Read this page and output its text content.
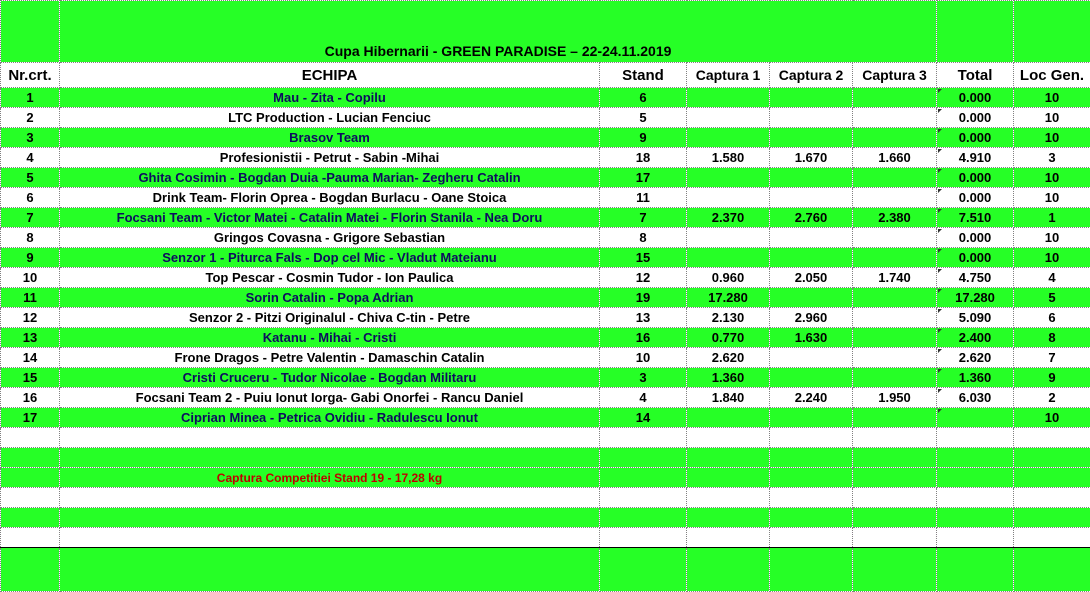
	Cupa Hibernarii - GREEN PARADISE – 22-24.11.2019						
Nr.crt.	ECHIPA	Stand	Captura 1	Captura 2	Captura 3	Total	Loc Gen.
1	Mau - Zita - Copilu	6				0.000	10
2	LTC Production - Lucian Fenciuc	5				0.000	10
3	Brasov Team	9				0.000	10
4	Profesionistii - Petrut - Sabin -Mihai	18	1.580	1.670	1.660	4.910	3
5	Ghita Cosimin - Bogdan Duia -Pauma Marian- Zegheru Catalin	17				0.000	10
6	Drink Team- Florin Oprea - Bogdan Burlacu - Oane Stoica	11				0.000	10
7	Focsani Team - Victor Matei - Catalin Matei - Florin Stanila - Nea Doru	7	2.370	2.760	2.380	7.510	1
8	Gringos Covasna - Grigore Sebastian	8				0.000	10
9	Senzor 1 - Piturca Fals - Dop cel Mic - Vladut Mateianu	15				0.000	10
10	Top Pescar - Cosmin Tudor - Ion Paulica	12	0.960	2.050	1.740	4.750	4
11	Sorin Catalin - Popa Adrian	19	17.280			17.280	5
12	Senzor 2 - Pitzi Originalul - Chiva C-tin - Petre	13	2.130	2.960		5.090	6
13	Katanu - Mihai - Cristi	16	0.770	1.630		2.400	8
14	Frone Dragos - Petre Valentin - Damaschin Catalin	10	2.620			2.620	7
15	Cristi Cruceru - Tudor Nicolae - Bogdan Militaru	3	1.360			1.360	9
16	Focsani Team 2 - Puiu Ionut Iorga- Gabi Onorfei - Rancu Daniel	4	1.840	2.240	1.950	6.030	2
17	Ciprian Minea - Petrica Ovidiu - Radulescu Ionut	14					10

	Captura Competitiei Stand 19 - 17,28 kg						
